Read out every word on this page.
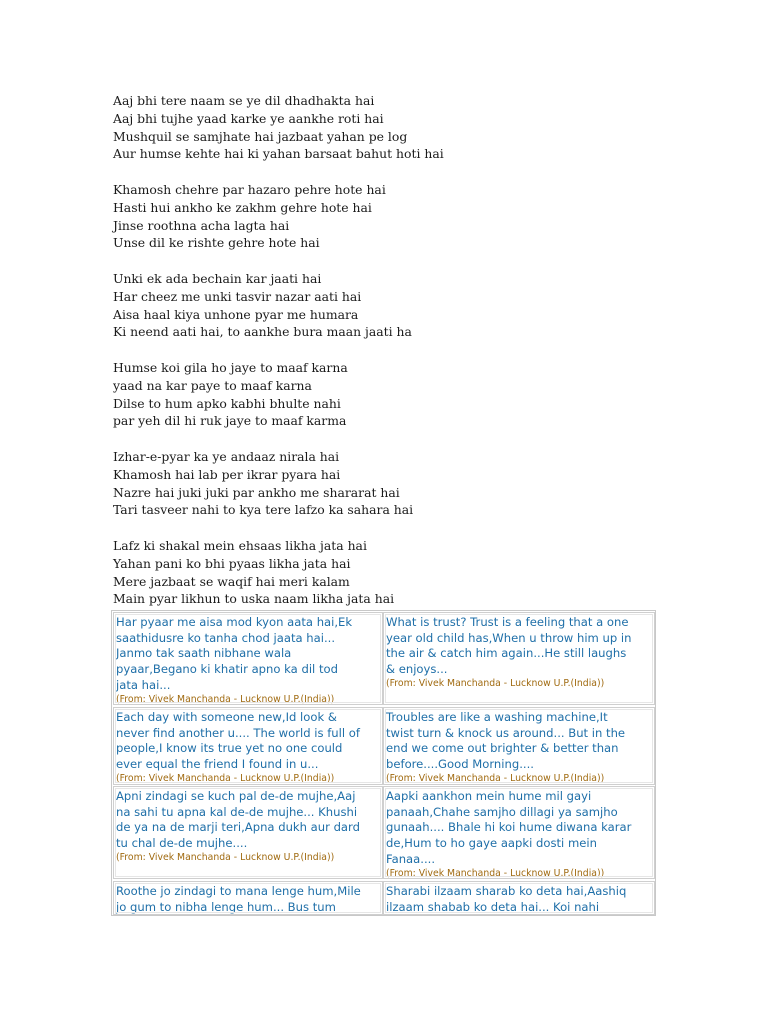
Aaj bhi tere naam se ye dil dhadhakta hai
Aaj bhi tujhe yaad karke ye aankhe roti hai
Mushquil se samjhate hai jazbaat yahan pe log
Aur humse kehte hai ki yahan barsaat bahut hoti hai
Khamosh chehre par hazaro pehre hote hai
Hasti hui ankho ke zakhm gehre hote hai
Jinse roothna acha lagta hai
Unse dil ke rishte gehre hote hai
Unki ek ada bechain kar jaati hai
Har cheez me unki tasvir nazar aati hai
Aisa haal kiya unhone pyar me humara
Ki neend aati hai, to aankhe bura maan jaati ha
Humse koi gila ho jaye to maaf karna
yaad na kar paye to maaf karna
Dilse to hum apko kabhi bhulte nahi
par yeh dil hi ruk jaye to maaf karma
Izhar-e-pyar ka ye andaaz nirala hai
Khamosh hai lab per ikrar pyara hai
Nazre hai juki juki par ankho me shararat hai
Tari tasveer nahi to kya tere lafzo ka sahara hai
Lafz ki shakal mein ehsaas likha jata hai
Yahan pani ko bhi pyaas likha jata hai
Mere jazbaat se waqif hai meri kalam
Main pyar likhun to uska naam likha jata hai
Har pyaar me aisa mod kyon aata hai,Ek
saathidusre ko tanha chod jaata hai...
Janmo tak saath nibhane wala
pyaar,Begano ki khatir apno ka dil tod
jata hai...
(From: Vivek Manchanda - Lucknow U.P.(India))
What is trust? Trust is a feeling that a one
year old child has,When u throw him up in
the air & catch him again...He still laughs
& enjoys...
(From: Vivek Manchanda - Lucknow U.P.(India))
Each day with someone new,Id look &
never find another u.... The world is full of
people,I know its true yet no one could
ever equal the friend I found in u...
(From: Vivek Manchanda - Lucknow U.P.(India))
Troubles are like a washing machine,It
twist turn & knock us around... But in the
end we come out brighter & better than
before....Good Morning....
(From: Vivek Manchanda - Lucknow U.P.(India))
Apni zindagi se kuch pal de-de mujhe,Aaj
na sahi tu apna kal de-de mujhe... Khushi
de ya na de marji teri,Apna dukh aur dard
tu chal de-de mujhe....
(From: Vivek Manchanda - Lucknow U.P.(India))
Aapki aankhon mein hume mil gayi
panaah,Chahe samjho dillagi ya samjho
gunaah.... Bhale hi koi hume diwana karar
de,Hum to ho gaye aapki dosti mein
Fanaa....
(From: Vivek Manchanda - Lucknow U.P.(India))
Roothe jo zindagi to mana lenge hum,Mile
jo gum to nibha lenge hum... Bus tum
Sharabi ilzaam sharab ko deta hai,Aashiq
ilzaam shabab ko deta hai... Koi nahi
